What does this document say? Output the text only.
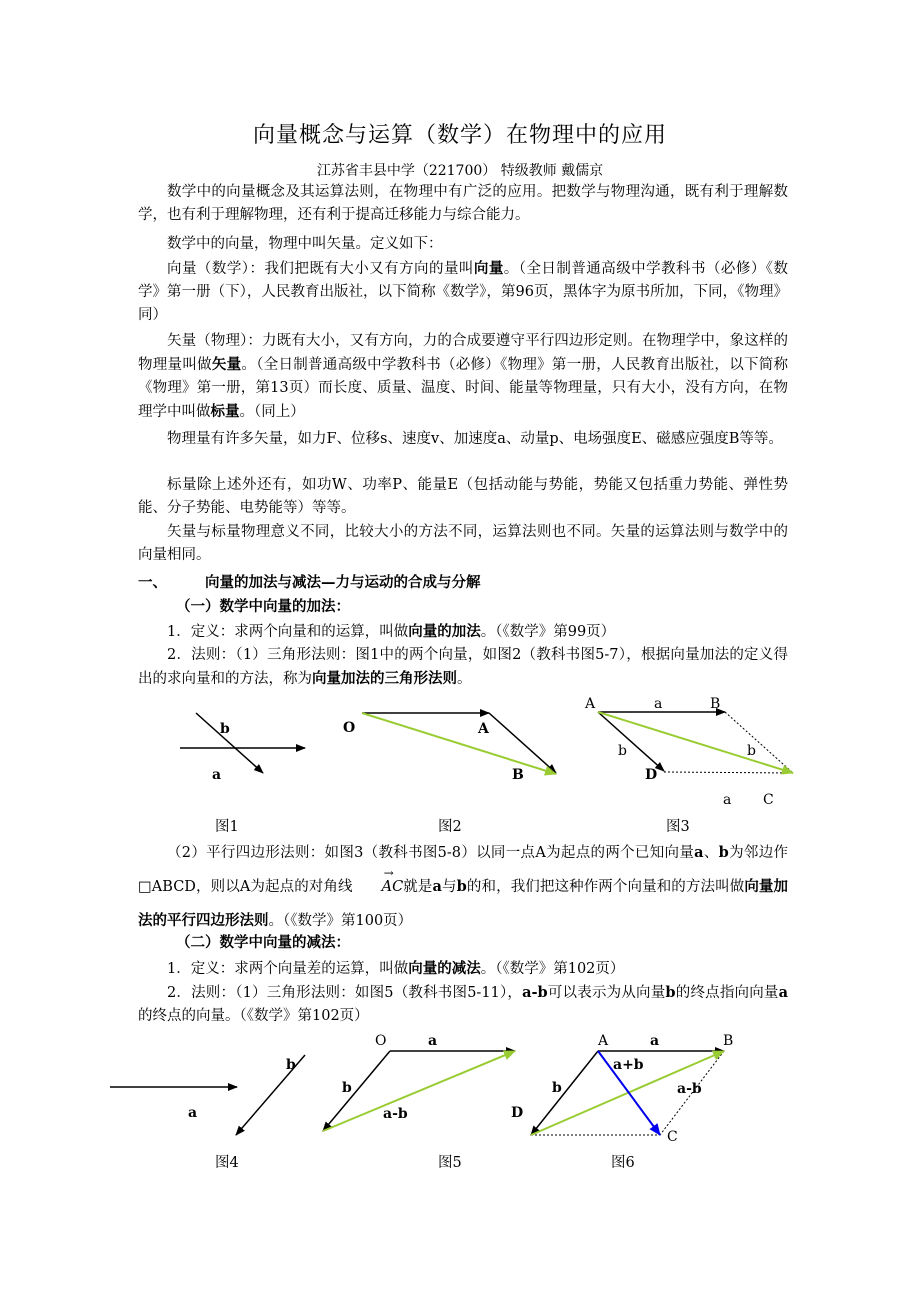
向量概念与运算（数学）在物理中的应用
江苏省丰县中学（221700） 特级教师 戴儒京

数学中的向量概念及其运算法则，在物理中有广泛的应用。把数学与物理沟通，既有利于理解数学，也有利于理解物理，还有利于提高迁移能力与综合能力。

数学中的向量，物理中叫矢量。定义如下：

向量（数学）：我们把既有大小又有方向的量叫向量。（全日制普通高级中学教科书（必修）《数学》第一册（下），人民教育出版社，以下简称《数学》，第96页，黑体字为原书所加，下同，《物理》同）

矢量（物理）：力既有大小，又有方向，力的合成要遵守平行四边形定则。在物理学中，象这样的物理量叫做矢量。（全日制普通高级中学教科书（必修）《物理》第一册，人民教育出版社，以下简称《物理》第一册，第13页）而长度、质量、温度、时间、能量等物理量，只有大小，没有方向，在物理学中叫做标量。（同上）

物理量有许多矢量，如力F、位移s、速度v、加速度a、动量p、电场强度E、磁感应强度B等等。

标量除上述外还有，如功W、功率P、能量E（包括动能与势能，势能又包括重力势能、弹性势能、分子势能、电势能等）等等。

矢量与标量物理意义不同，比较大小的方法不同，运算法则也不同。矢量的运算法则与数学中的向量相同。

一、	向量的加法与减法—力与运动的合成与分解

（一）数学中向量的加法：

1．定义：求两个向量和的运算，叫做向量的加法。（《数学》第99页）

2．法则：（1）三角形法则：图1中的两个向量，如图2（教科书图5-7），根据向量加法的定义得出的求向量和的方法，称为向量加法的三角形法则。

b
a
O	A
B
A	a	B
b	b
D
a C
b
a
O	a
b
a-b
A	a	B
a+b
a-b
b
D
C
图1	图2	图3

（2）平行四边形法则：如图3（教科书图5-8）以同一点A为起点的两个已知向量a、b为邻边作□ABCD，则以A为起点的对角线 → AC就是a与b的和，我们把这种作两个向量和的方法叫做向量加法的平行四边形法则。（《数学》第100页）

（二）数学中向量的减法：

1．定义：求两个向量差的运算，叫做向量的减法。（《数学》第102页）

2．法则：（1）三角形法则：如图5（教科书图5-11），a-b可以表示为从向量b的终点指向向量a的终点的向量。（《数学》第102页）

图4	图5	图6
